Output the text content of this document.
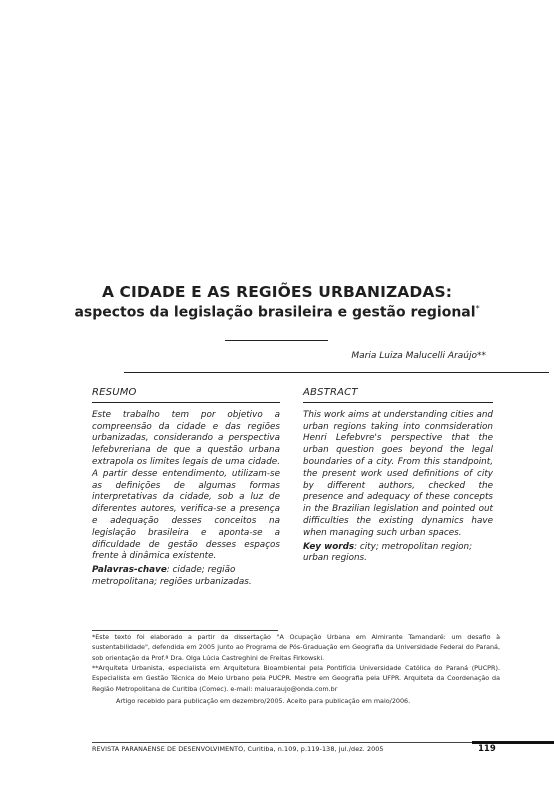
A CIDADE E AS REGIÕES URBANIZADAS:
aspectos da legislação brasileira e gestão regional*
Maria Luiza Malucelli Araújo**
RESUMO
Este trabalho tem por objetivo a compreensão da cidade e das regiões urbanizadas, considerando a perspectiva lefebvreriana de que a questão urbana extrapola os limites legais de uma cidade. A partir desse entendimento, utilizam-se as definições de algumas formas interpretativas da cidade, sob a luz de diferentes autores, verifica-se a presença e adequação desses conceitos na legislação brasileira e aponta-se a dificuldade de gestão desses espaços frente à dinâmica existente.
Palavras-chave: cidade; região metropolitana; regiões urbanizadas.
ABSTRACT
This work aims at understanding cities and urban regions taking into conmsideration Henri Lefebvre's perspective that the urban question goes beyond the legal boundaries of a city. From this standpoint, the present work used definitions of city by different authors, checked the presence and adequacy of these concepts in the Brazilian legislation and pointed out difficulties the existing dynamics have when managing such urban spaces.
Key words: city; metropolitan region; urban regions.
*Este texto foi elaborado a partir da dissertação "A Ocupação Urbana em Almirante Tamandaré: um desafio à sustentabilidade", defendida em 2005 junto ao Programa de Pós-Graduação em Geografia da Universidade Federal do Paraná, sob orientação da Prof.ª Dra. Olga Lúcia Castreghini de Freitas Firkowski.
**Arquiteta Urbanista, especialista em Arquitetura Bioambiental pela Pontifícia Universidade Católica do Paraná (PUCPR). Especialista em Gestão Técnica do Meio Urbano pela PUCPR. Mestre em Geografia pela UFPR. Arquiteta da Coordenação da Região Metropolitana de Curitiba (Comec). e-mail: maluaraujo@onda.com.br
Artigo recebido para publicação em dezembro/2005. Aceito para publicação em maio/2006.
REVISTA PARANAENSE DE DESENVOLVIMENTO, Curitiba, n.109, p.119-138, jul./dez. 2005	119
